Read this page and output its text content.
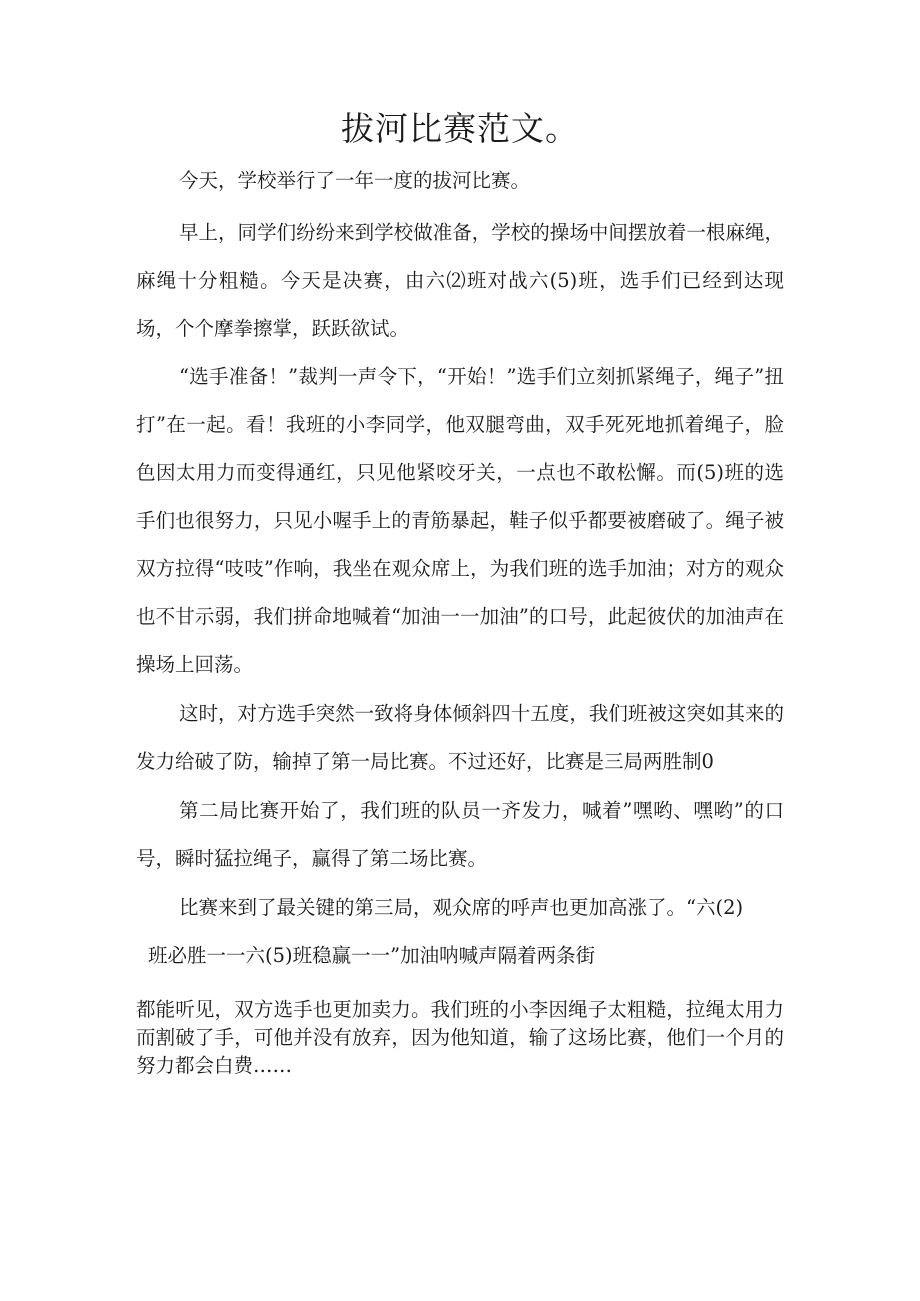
拔河比赛范文。

今天，学校举行了一年一度的拔河比赛。

早上，同学们纷纷来到学校做准备，学校的操场中间摆放着一根麻绳，麻绳十分粗糙。今天是决赛，由六⑵班对战六(5)班，选手们已经到达现场，个个摩拳擦掌，跃跃欲试。

“选手准备！”裁判一声令下，“开始！”选手们立刻抓紧绳子，绳子”扭打”在一起。看！我班的小李同学，他双腿弯曲，双手死死地抓着绳子，脸色因太用力而变得通红，只见他紧咬牙关，一点也不敢松懈。而(5)班的选手们也很努力，只见小喔手上的青筋暴起，鞋子似乎都要被磨破了。绳子被双方拉得“吱吱”作响，我坐在观众席上，为我们班的选手加油；对方的观众也不甘示弱，我们拼命地喊着“加油一一加油”的口号，此起彼伏的加油声在操场上回荡。

这时，对方选手突然一致将身体倾斜四十五度，我们班被这突如其来的发力给破了防，输掉了第一局比赛。不过还好，比赛是三局两胜制0

第二局比赛开始了，我们班的队员一齐发力，喊着”嘿哟、嘿哟”的口号，瞬时猛拉绳子，赢得了第二场比赛。

比赛来到了最关键的第三局，观众席的呼声也更加高涨了。“六(2)

班必胜一一六(5)班稳赢一一”加油呐喊声隔着两条街

都能听见，双方选手也更加卖力。我们班的小李因绳子太粗糙，拉绳太用力而割破了手，可他并没有放弃，因为他知道，输了这场比赛，他们一个月的努力都会白费……
